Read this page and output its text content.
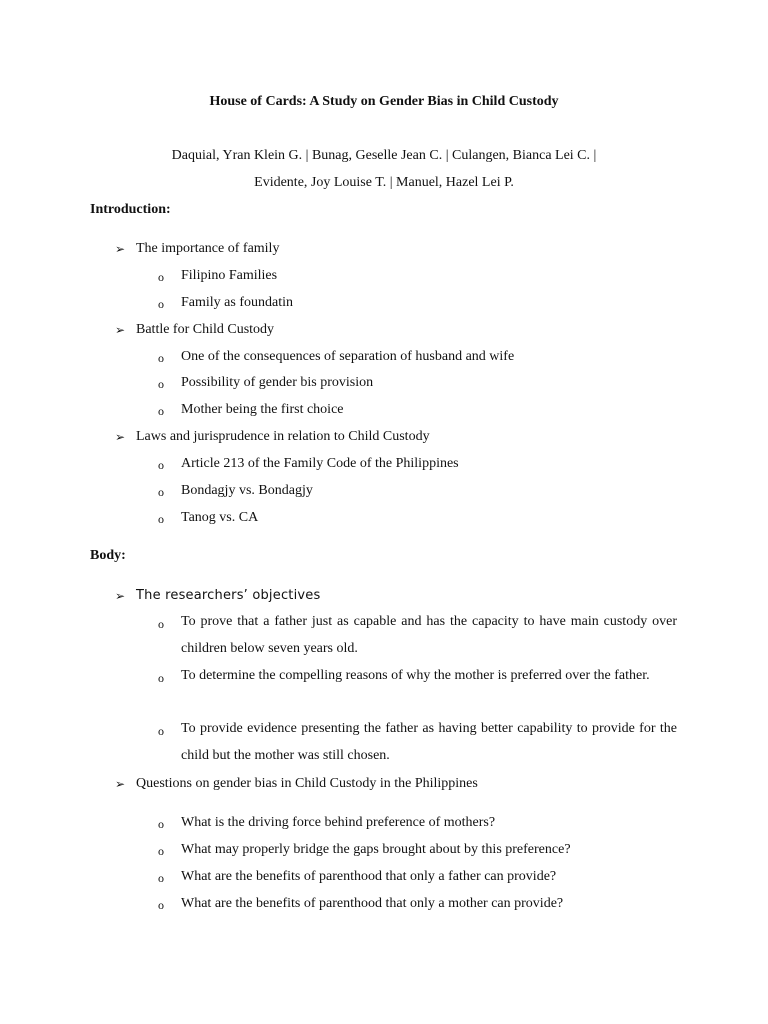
House of Cards: A Study on Gender Bias in Child Custody
Daquial, Yran Klein G. | Bunag, Geselle Jean C. | Culangen, Bianca Lei C. |
Evidente, Joy Louise T. | Manuel, Hazel Lei P.
Introduction:
➢ The importance of family
o Filipino Families
o Family as foundatin
➢ Battle for Child Custody
o One of the consequences of separation of husband and wife
o Possibility of gender bis provision
o Mother being the first choice
➢ Laws and jurisprudence in relation to Child Custody
o Article 213 of the Family Code of the Philippines
o Bondagjy vs. Bondagjy
o Tanog vs. CA
Body:
➢ The researchers’ objectives
o To prove that a father just as capable and has the capacity to have main custody over children below seven years old.
o To determine the compelling reasons of why the mother is preferred over the father.
o To provide evidence presenting the father as having better capability to provide for the child but the mother was still chosen.
➢ Questions on gender bias in Child Custody in the Philippines
o What is the driving force behind preference of mothers?
o What may properly bridge the gaps brought about by this preference?
o What are the benefits of parenthood that only a father can provide?
o What are the benefits of parenthood that only a mother can provide?
